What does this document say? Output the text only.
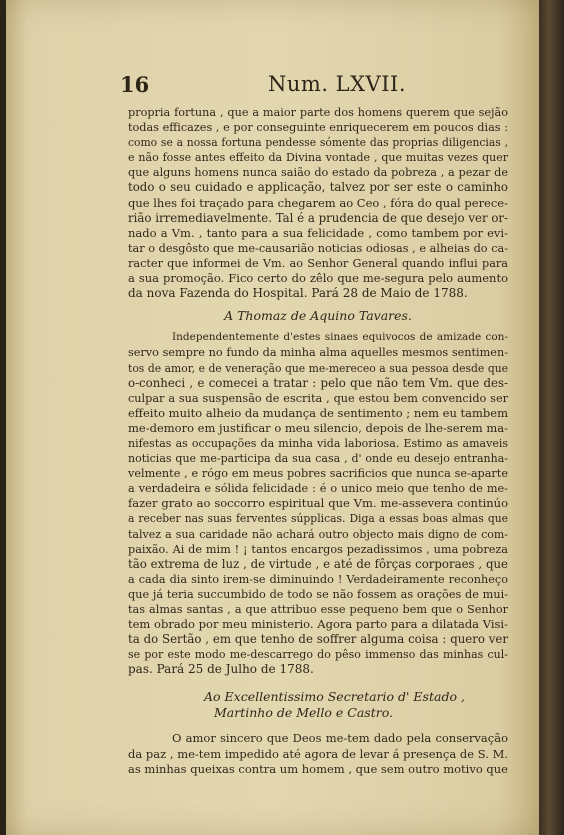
16	Num. LXVII.

propria fortuna , que a maior parte dos homens querem que sejão

todas efficazes , e por conseguinte enriquecerem em poucos dias :

como se a nossa fortuna pendesse sómente das proprias diligencias ,

e não fosse antes effeito da Divina vontade , que muitas vezes quer

que alguns homens nunca saião do estado da pobreza , a pezar de

todo o seu cuidado e applicação, talvez por ser este o caminho

que lhes foi traçado para chegarem ao Ceo , fóra do qual perece-

rião irremediavelmente. Tal é a prudencia de que desejo ver or-

nado a Vm. , tanto para a sua felicidade , como tambem por evi-

tar o desgôsto que me-causarião noticias odiosas , e alheias do ca-

racter que informei de Vm. ao Senhor General quando influi para

a sua promoção. Fico certo do zêlo que me-segura pelo aumento

da nova Fazenda do Hospital. Pará 28 de Maio de 1788.

A Thomaz de Aquino Tavares.

Independentemente d'estes sinaes equivocos de amizade con-

servo sempre no fundo da minha alma aquelles mesmos sentimen-

tos de amor, e de veneração que me-mereceo a sua pessoa desde que

o-conheci , e comecei a tratar : pelo que não tem Vm. que des-

culpar a sua suspensão de escrita , que estou bem convencido ser

effeito muito alheio da mudança de sentimento ; nem eu tambem

me-demoro em justificar o meu silencio, depois de lhe-serem ma-

nifestas as occupações da minha vida laboriosa. Estimo as amaveis

noticias que me-participa da sua casa , d' onde eu desejo entranha-

velmente , e rógo em meus pobres sacrificios que nunca se-aparte

a verdadeira e sólida felicidade : é o unico meio que tenho de me-

fazer grato ao soccorro espiritual que Vm. me-assevera continúo

a receber nas suas ferventes súpplicas. Diga a essas boas almas que

talvez a sua caridade não achará outro objecto mais digno de com-

paixão. Ai de mim ! ¡ tantos encargos pezadissimos , uma pobreza

tão extrema de luz , de virtude , e até de fôrças corporaes , que

a cada dia sinto irem-se diminuindo ! Verdadeiramente reconheço

que já teria succumbido de todo se não fossem as orações de mui-

tas almas santas , a que attribuo esse pequeno bem que o Senhor

tem obrado por meu ministerio. Agora parto para a dilatada Visi-

ta do Sertão , em que tenho de soffrer alguma coisa : quero ver

se por este modo me-descarrego do pêso immenso das minhas cul-

pas. Pará 25 de Julho de 1788.

Ao Excellentissimo Secretario d' Estado ,
Martinho de Mello e Castro.

O amor sincero que Deos me-tem dado pela conservação

da paz , me-tem impedido até agora de levar á presença de S. M.

as minhas queixas contra um homem , que sem outro motivo que
